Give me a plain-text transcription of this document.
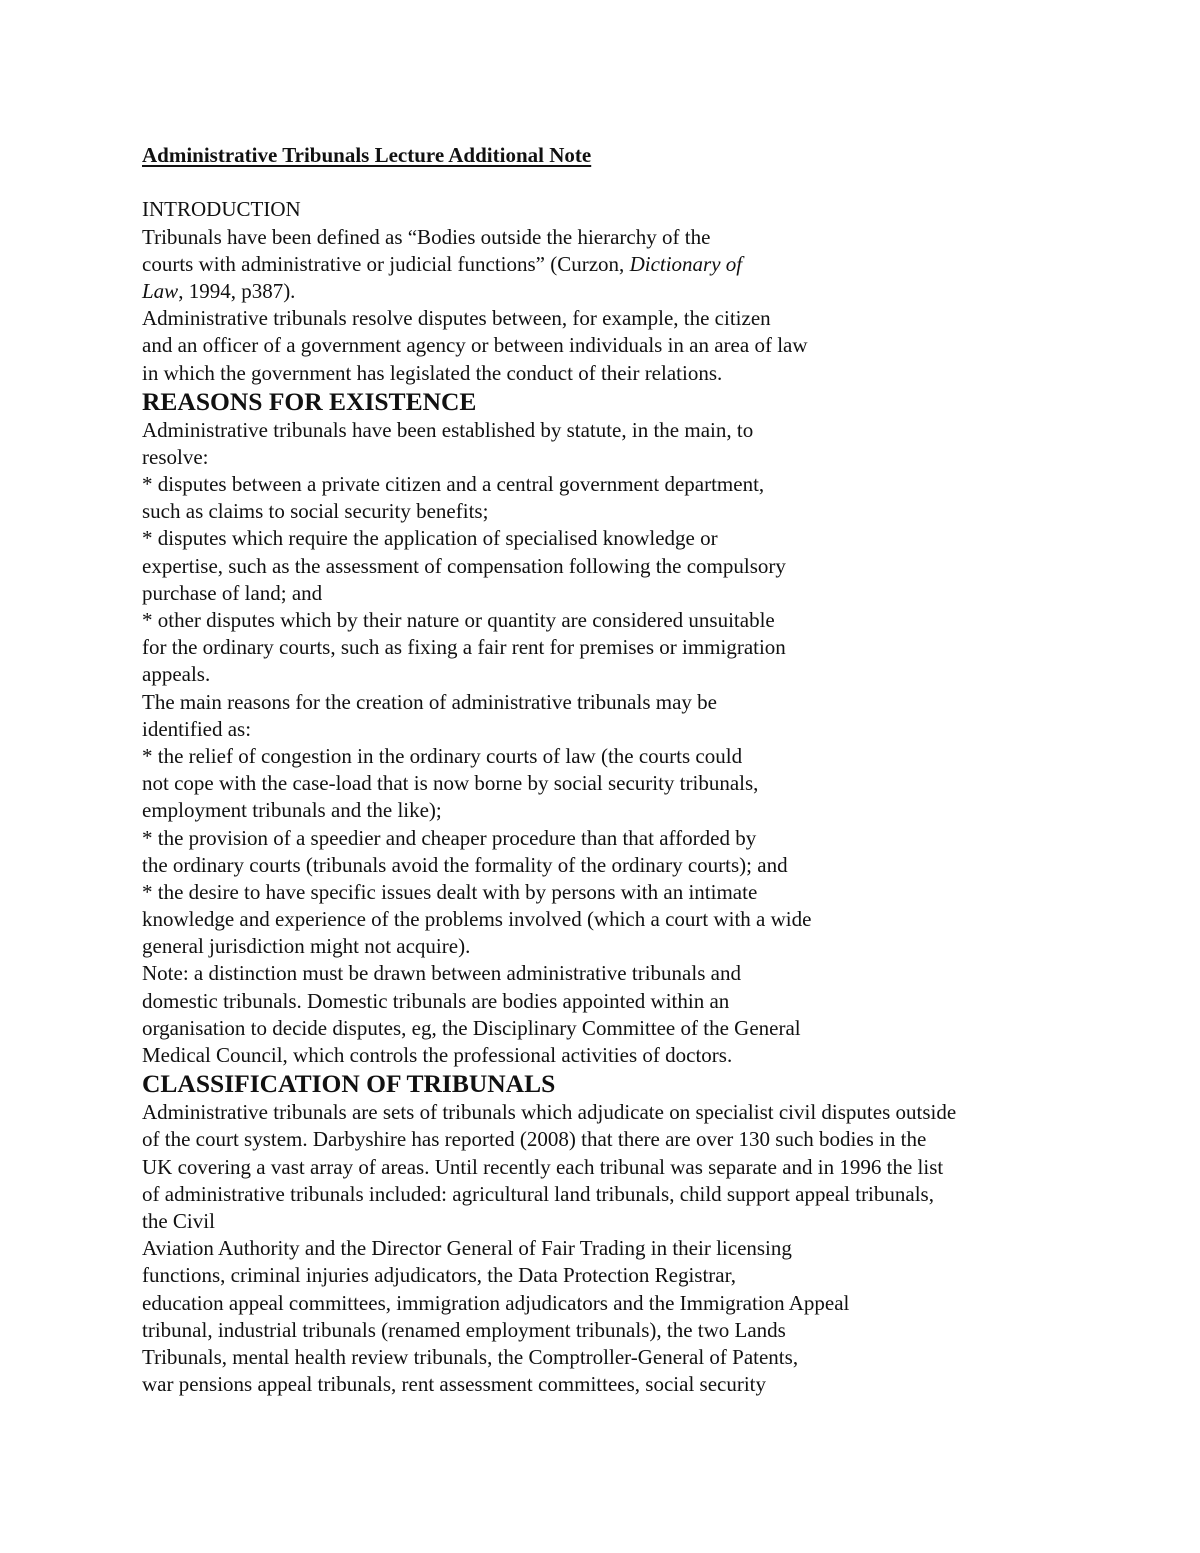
Administrative Tribunals Lecture Additional Note
INTRODUCTION
Tribunals have been defined as “Bodies outside the hierarchy of the
courts with administrative or judicial functions” (Curzon, Dictionary of
Law, 1994, p387).
Administrative tribunals resolve disputes between, for example, the citizen
and an officer of a government agency or between individuals in an area of law
in which the government has legislated the conduct of their relations.
REASONS FOR EXISTENCE
Administrative tribunals have been established by statute, in the main, to
resolve:
* disputes between a private citizen and a central government department,
such as claims to social security benefits;
* disputes which require the application of specialised knowledge or
expertise, such as the assessment of compensation following the compulsory
purchase of land; and
* other disputes which by their nature or quantity are considered unsuitable
for the ordinary courts, such as fixing a fair rent for premises or immigration
appeals.
The main reasons for the creation of administrative tribunals may be
identified as:
* the relief of congestion in the ordinary courts of law (the courts could
not cope with the case-load that is now borne by social security tribunals,
employment tribunals and the like);
* the provision of a speedier and cheaper procedure than that afforded by
the ordinary courts (tribunals avoid the formality of the ordinary courts); and
* the desire to have specific issues dealt with by persons with an intimate
knowledge and experience of the problems involved (which a court with a wide
general jurisdiction might not acquire).
Note: a distinction must be drawn between administrative tribunals and
domestic tribunals. Domestic tribunals are bodies appointed within an
organisation to decide disputes, eg, the Disciplinary Committee of the General
Medical Council, which controls the professional activities of doctors.
CLASSIFICATION OF TRIBUNALS
Administrative tribunals are sets of tribunals which adjudicate on specialist civil disputes outside
of the court system. Darbyshire has reported (2008) that there are over 130 such bodies in the
UK covering a vast array of areas. Until recently each tribunal was separate and in 1996 the list
of administrative tribunals included: agricultural land tribunals, child support appeal tribunals,
the Civil
Aviation Authority and the Director General of Fair Trading in their licensing
functions, criminal injuries adjudicators, the Data Protection Registrar,
education appeal committees, immigration adjudicators and the Immigration Appeal
tribunal, industrial tribunals (renamed employment tribunals), the two Lands
Tribunals, mental health review tribunals, the Comptroller-General of Patents,
war pensions appeal tribunals, rent assessment committees, social security
